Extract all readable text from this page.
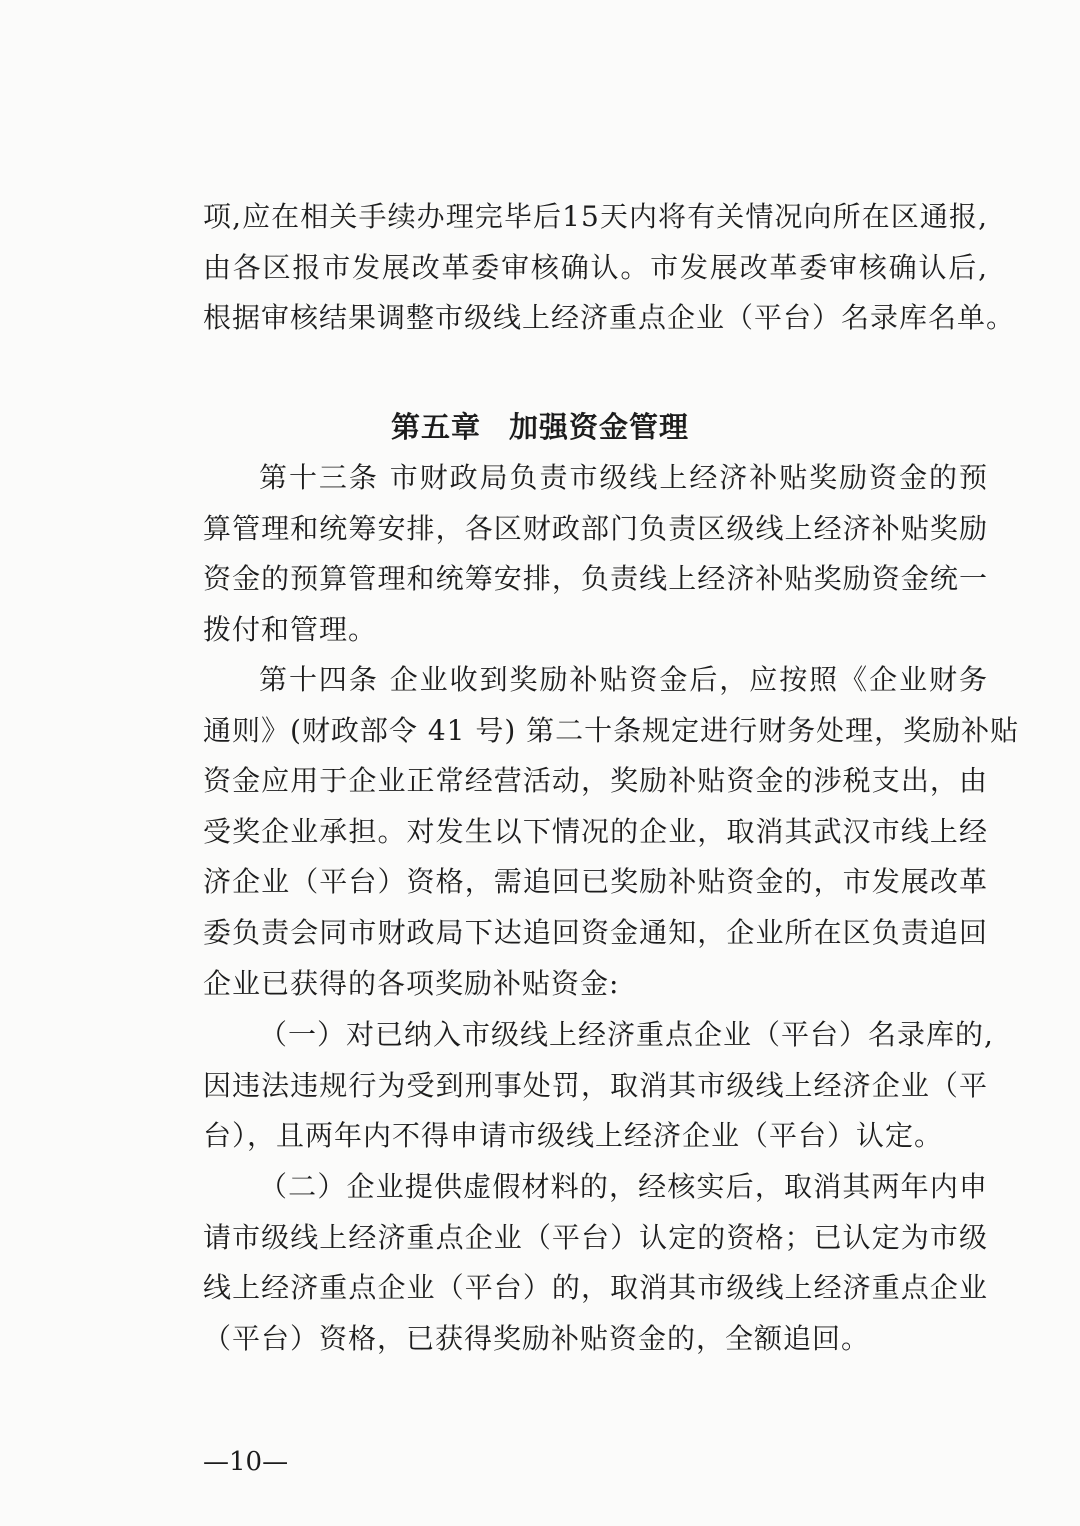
项,应在相关手续办理完毕后15天内将有关情况向所在区通报,
由各区报市发展改革委审核确认。市发展改革委审核确认后,
根据审核结果调整市级线上经济重点企业（平台）名录库名单。

第五章 加强资金管理

第十三条 市财政局负责市级线上经济补贴奖励资金的预
算管理和统筹安排，各区财政部门负责区级线上经济补贴奖励
资金的预算管理和统筹安排，负责线上经济补贴奖励资金统一
拨付和管理。

第十四条 企业收到奖励补贴资金后，应按照《企业财务
通则》(财政部令 41 号) 第二十条规定进行财务处理，奖励补贴
资金应用于企业正常经营活动，奖励补贴资金的涉税支出，由
受奖企业承担。对发生以下情况的企业，取消其武汉市线上经
济企业（平台）资格，需追回已奖励补贴资金的，市发展改革
委负责会同市财政局下达追回资金通知，企业所在区负责追回
企业已获得的各项奖励补贴资金:

（一）对已纳入市级线上经济重点企业（平台）名录库的,
因违法违规行为受到刑事处罚，取消其市级线上经济企业（平
台），且两年内不得申请市级线上经济企业（平台）认定。

（二）企业提供虚假材料的，经核实后，取消其两年内申
请市级线上经济重点企业（平台）认定的资格；已认定为市级
线上经济重点企业（平台）的，取消其市级线上经济重点企业
（平台）资格，已获得奖励补贴资金的，全额追回。

—10—
